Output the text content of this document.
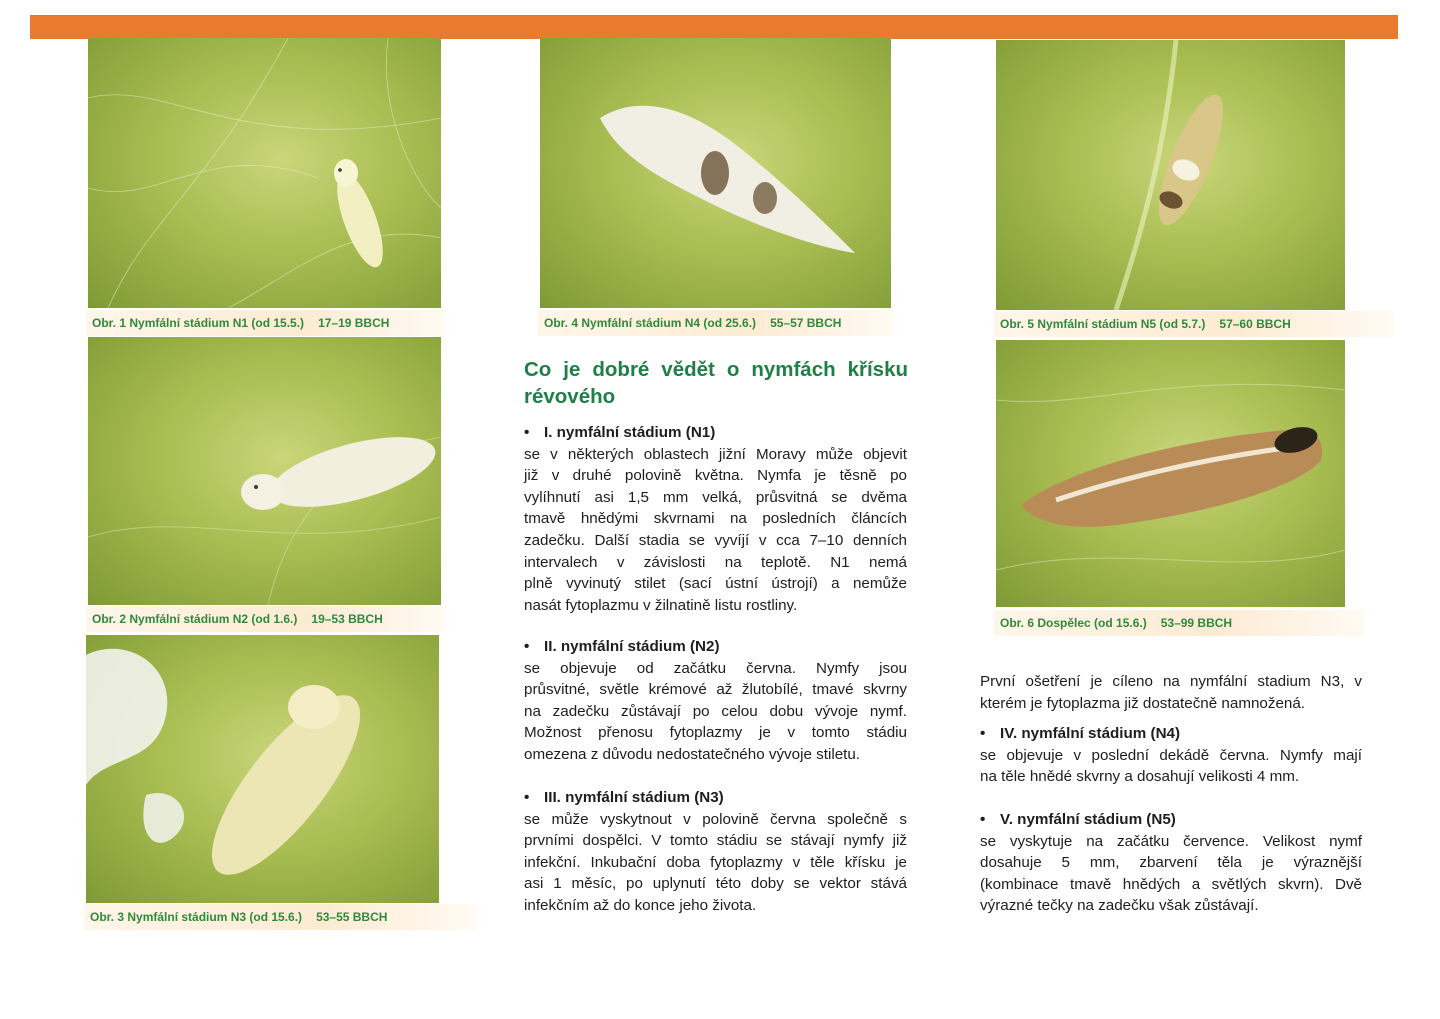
Obr. 1 Nymfální stádium N1 (od 15.5.) 17–19 BBCH
Obr. 2 Nymfální stádium N2 (od 1.6.) 19–53 BBCH
Obr. 3 Nymfální stádium N3 (od 15.6.) 53–55 BBCH
Obr. 4 Nymfální stádium N4 (od 25.6.) 55–57 BBCH	Obr. 5 Nymfální stádium N5 (od 5.7.) 57–60 BBCH
Obr. 6 Dospělec (od 15.6.) 53–99 BBCH
Co je dobré vědět o nymfách křísku
révového
• I. nymfální stádium (N1)
se v některých oblastech jižní Moravy může objevit
již v druhé polovině května. Nymfa je těsně po
vylíhnutí asi 1,5 mm velká, průsvitná se dvěma
tmavě hnědými skvrnami na posledních článcích
zadečku. Další stadia se vyvíjí v cca 7–10 denních
intervalech v závislosti na teplotě. N1 nemá
plně vyvinutý stilet (sací ústní ústrojí) a nemůže
nasát fytoplazmu v žilnatině listu rostliny.
• II. nymfální stádium (N2)
se objevuje od začátku června. Nymfy jsou
průsvitné, světle krémové až žlutobílé, tmavé skvrny
na zadečku zůstávají po celou dobu vývoje nymf.
Možnost přenosu fytoplazmy je v tomto stádiu
omezena z důvodu nedostatečného vývoje stiletu.
• III. nymfální stádium (N3)
se může vyskytnout v polovině června společně s
prvními dospělci. V tomto stádiu se stávají nymfy již
infekční. Inkubační doba fytoplazmy v těle křísku je
asi 1 měsíc, po uplynutí této doby se vektor stává
infekčním až do konce jeho života.
První ošetření je cíleno na nymfální stadium N3, v
kterém je fytoplazma již dostatečně namnožená.
• IV. nymfální stádium (N4)
se objevuje v poslední dekádě června. Nymfy mají
na těle hnědé skvrny a dosahují velikosti 4 mm.
• V. nymfální stádium (N5)
se vyskytuje na začátku července. Velikost nymf
dosahuje 5 mm, zbarvení těla je výraznější
(kombinace tmavě hnědých a světlých skvrn). Dvě
výrazné tečky na zadečku však zůstávají.
